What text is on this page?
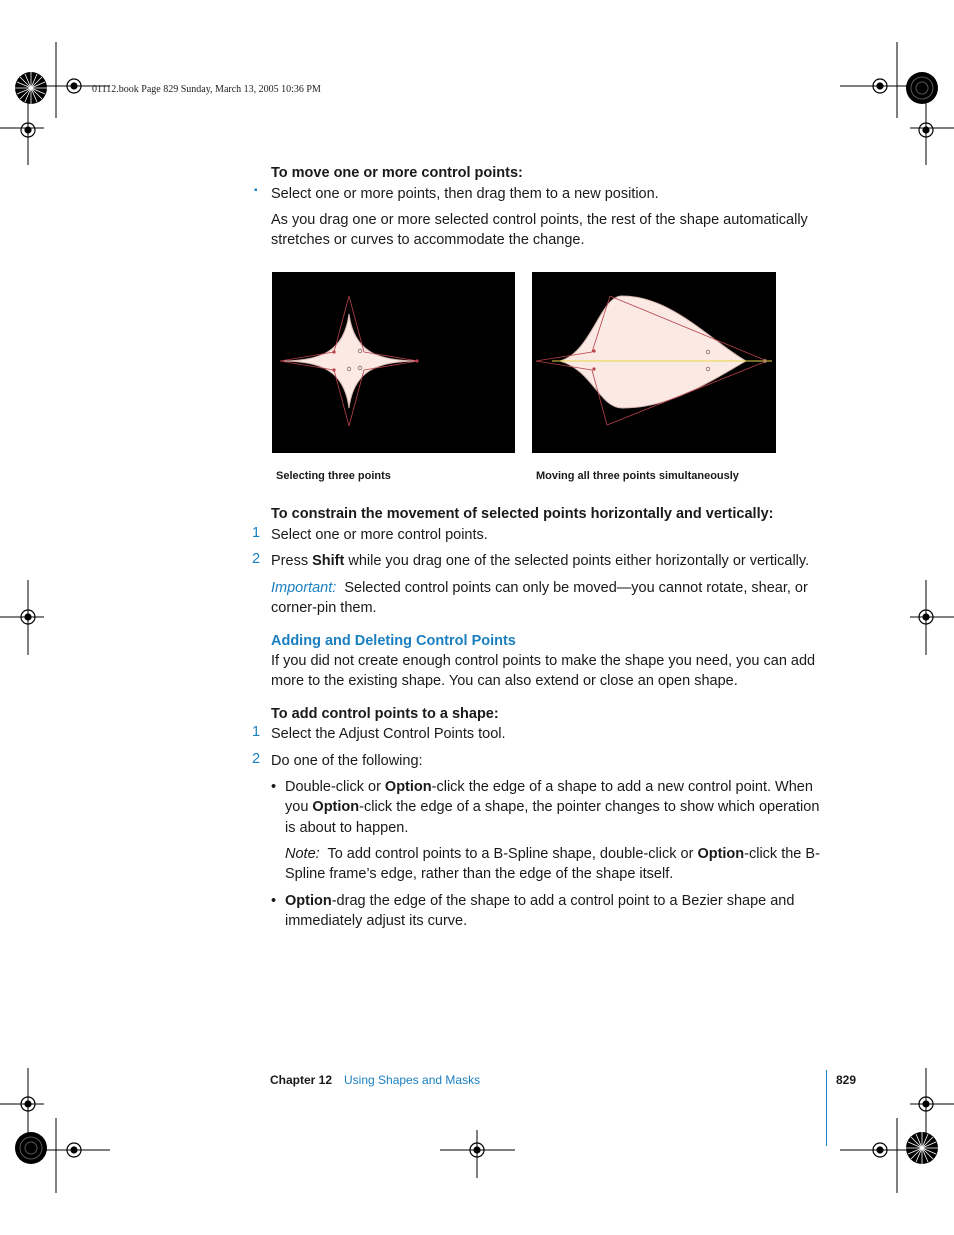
01112.book Page 829 Sunday, March 13, 2005 10:36 PM
To move one or more control points:
▪ Select one or more points, then drag them to a new position.
As you drag one or more selected control points, the rest of the shape automatically
stretches or curves to accommodate the change.
Selecting three points	Moving all three points simultaneously
To constrain the movement of selected points horizontally and vertically:
1 Select one or more control points.
2 Press Shift while you drag one of the selected points either horizontally or vertically.
Important:  Selected control points can only be moved—you cannot rotate, shear, or
corner-pin them.
Adding and Deleting Control Points
If you did not create enough control points to make the shape you need, you can add
more to the existing shape. You can also extend or close an open shape.
To add control points to a shape:
1 Select the Adjust Control Points tool.
2 Do one of the following:
• Double-click or Option-click the edge of a shape to add a new control point. When
you Option-click the edge of a shape, the pointer changes to show which operation
is about to happen.
Note:  To add control points to a B-Spline shape, double-click or Option-click the B-
Spline frame’s edge, rather than the edge of the shape itself.
• Option-drag the edge of the shape to add a control point to a Bezier shape and
immediately adjust its curve.
Chapter 12 Using Shapes and Masks	829
